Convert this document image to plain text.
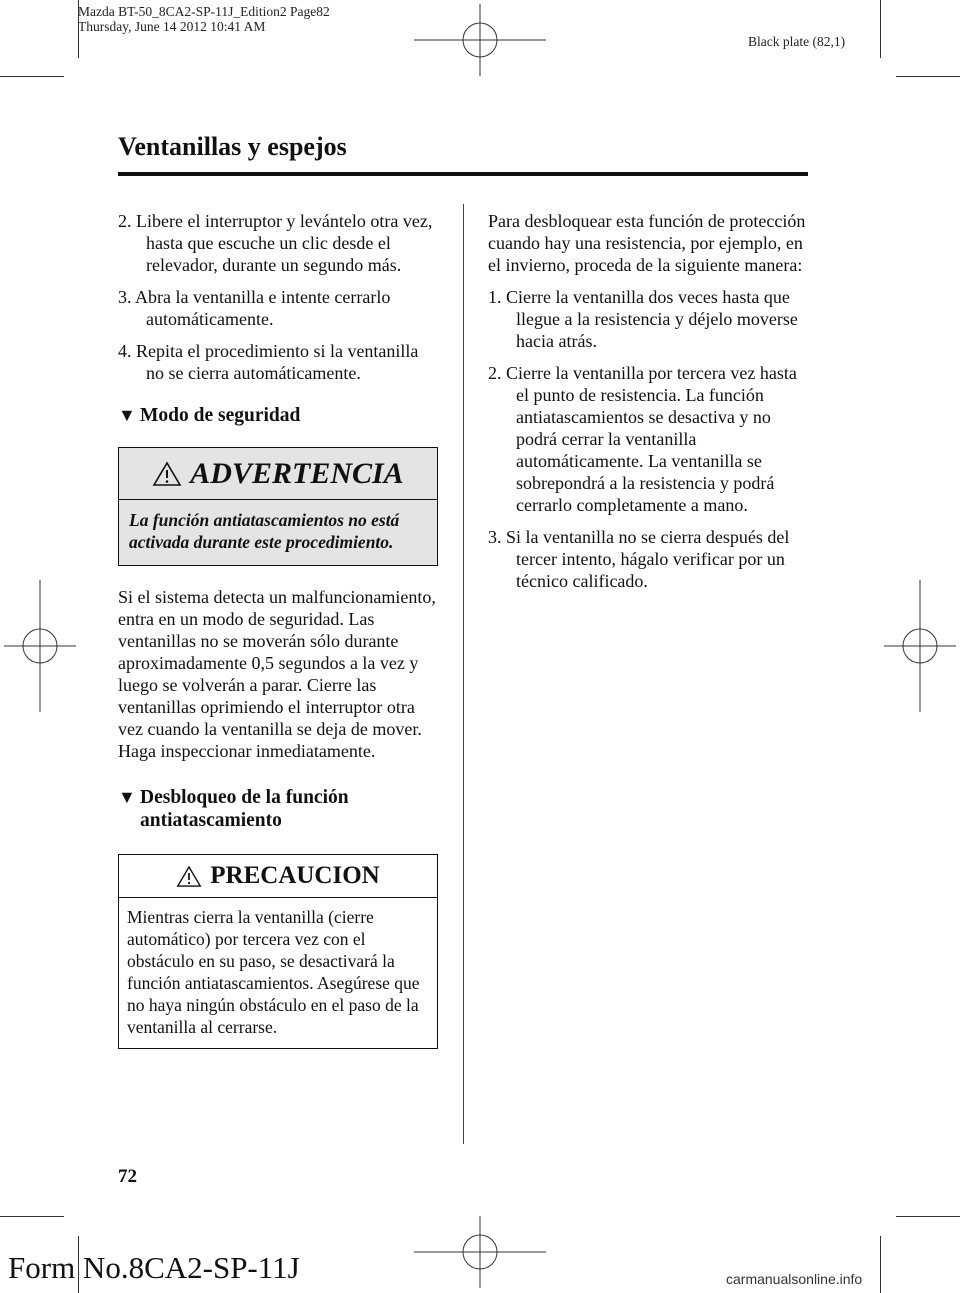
Mazda BT-50_8CA2-SP-11J_Edition2 Page82
Thursday, June 14 2012 10:41 AM
Black plate (82,1)
Ventanillas y espejos

2. Libere el interruptor y levántelo otra vez, hasta que escuche un clic desde el relevador, durante un segundo más.

3. Abra la ventanilla e intente cerrarlo automáticamente.

4. Repita el procedimiento si la ventanilla no se cierra automáticamente.

▼ Modo de seguridad
ADVERTENCIA
La función antiatascamientos no está activada durante este procedimiento.

Si el sistema detecta un malfuncionamiento, entra en un modo de seguridad. Las ventanillas no se moverán sólo durante aproximadamente 0,5 segundos a la vez y luego se volverán a parar. Cierre las ventanillas oprimiendo el interruptor otra vez cuando la ventanilla se deja de mover. Haga inspeccionar inmediatamente.

▼ Desbloqueo de la función antiatascamiento
PRECAUCION
Mientras cierra la ventanilla (cierre automático) por tercera vez con el obstáculo en su paso, se desactivará la función antiatascamientos. Asegúrese que no haya ningún obstáculo en el paso de la ventanilla al cerrarse.

Para desbloquear esta función de protección cuando hay una resistencia, por ejemplo, en el invierno, proceda de la siguiente manera:

1. Cierre la ventanilla dos veces hasta que llegue a la resistencia y déjelo moverse hacia atrás.

2. Cierre la ventanilla por tercera vez hasta el punto de resistencia. La función antiatascamientos se desactiva y no podrá cerrar la ventanilla automáticamente. La ventanilla se sobrepondrá a la resistencia y podrá cerrarlo completamente a mano.

3. Si la ventanilla no se cierra después del tercer intento, hágalo verificar por un técnico calificado.

72
Form No.8CA2-SP-11J	carmanualsonline.info
